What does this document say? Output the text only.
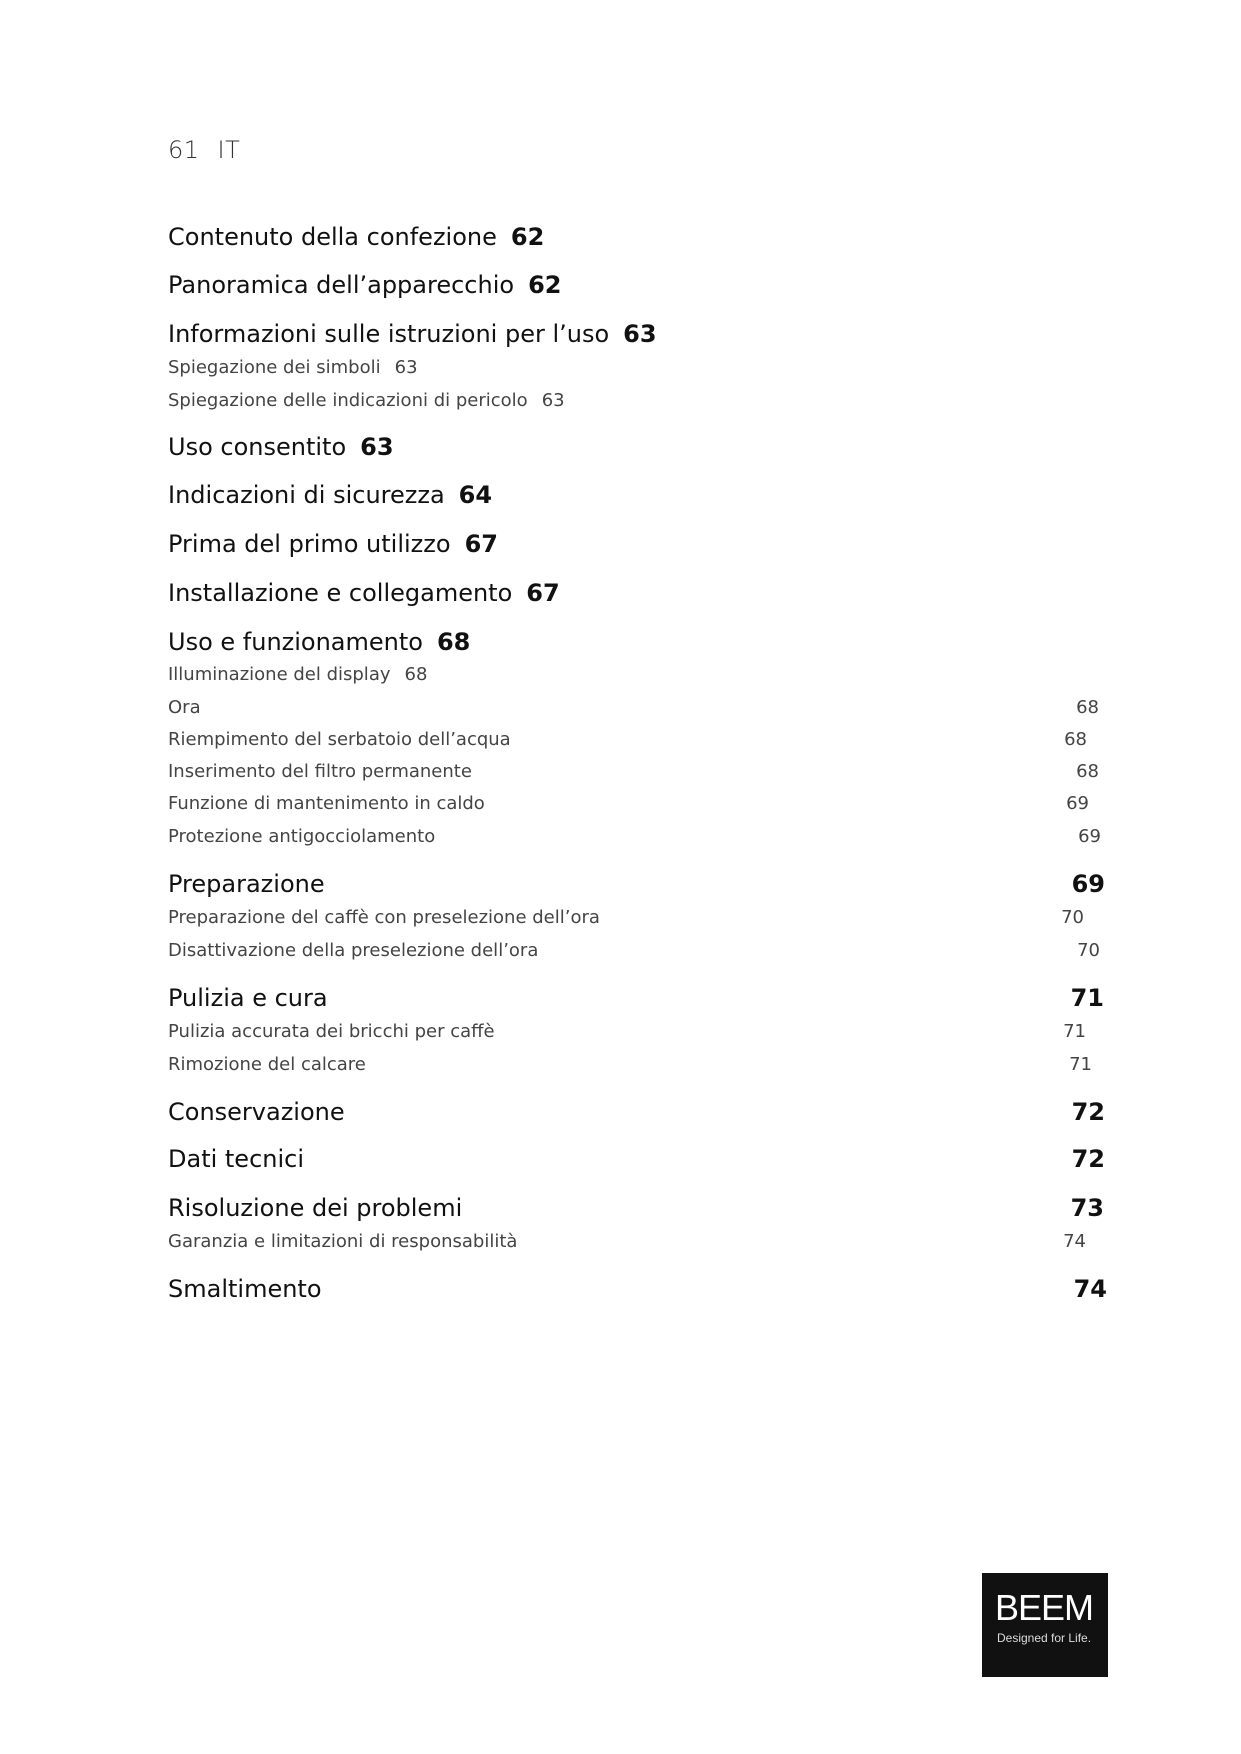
61 IT
Contenuto della confezione 62
Panoramica dell’apparecchio 62
Informazioni sulle istruzioni per l’uso 63
Spiegazione dei simboli 63
Spiegazione delle indicazioni di pericolo 63
Uso consentito 63
Indicazioni di sicurezza 64
Prima del primo utilizzo 67
Installazione e collegamento 67
Uso e funzionamento 68
Illuminazione del display 68
Ora	68
Riempimento del serbatoio dell’acqua	68
Inserimento del filtro permanente	68
Funzione di mantenimento in caldo	69
Protezione antigocciolamento	69
Preparazione	69
Preparazione del caffè con preselezione dell’ora	70
Disattivazione della preselezione dell’ora	70
Pulizia e cura	71
Pulizia accurata dei bricchi per caffè	71
Rimozione del calcare	71
Conservazione	72
Dati tecnici	72
Risoluzione dei problemi	73
Garanzia e limitazioni di responsabilità	74
Smaltimento	74
BEEM
Designed for Life.
